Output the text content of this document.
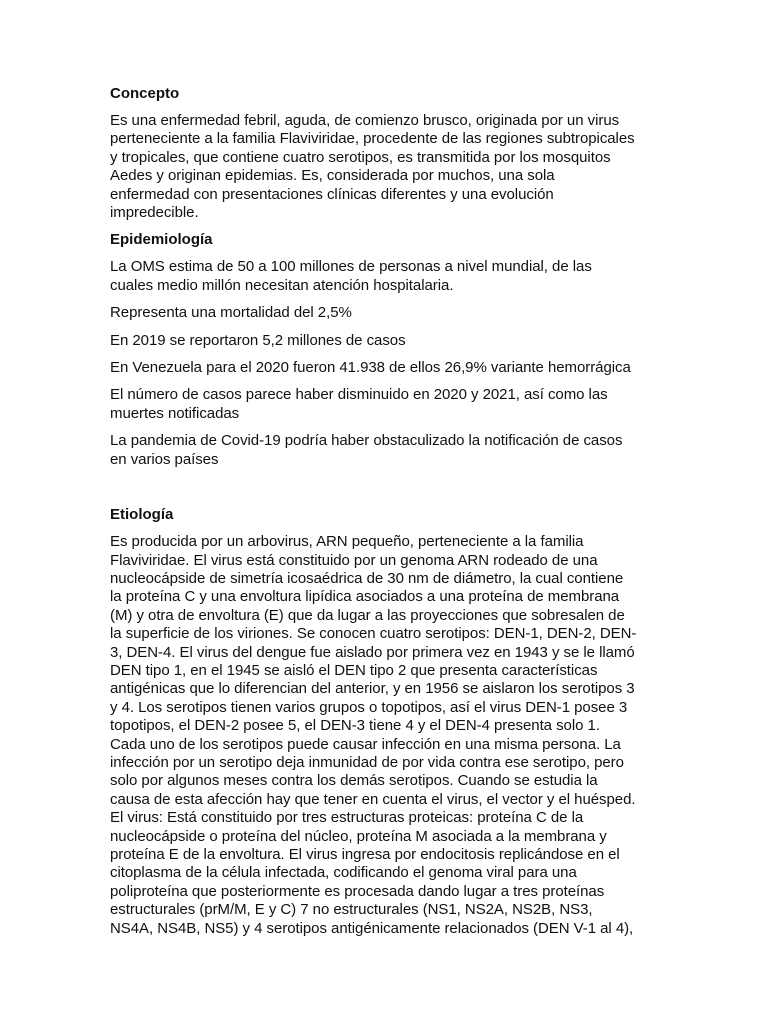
Concepto
Es una enfermedad febril, aguda, de comienzo brusco, originada por un virus
perteneciente a la familia Flaviviridae, procedente de las regiones subtropicales
y tropicales, que contiene cuatro serotipos, es transmitida por los mosquitos
Aedes y originan epidemias. Es, considerada por muchos, una sola
enfermedad con presentaciones clínicas diferentes y una evolución
impredecible.
Epidemiología
La OMS estima de 50 a 100 millones de personas a nivel mundial, de las
cuales medio millón necesitan atención hospitalaria.
Representa una mortalidad del 2,5%
En 2019 se reportaron 5,2 millones de casos
En Venezuela para el 2020 fueron 41.938 de ellos 26,9% variante hemorrágica
El número de casos parece haber disminuido en 2020 y 2021, así como las
muertes notificadas
La pandemia de Covid-19 podría haber obstaculizado la notificación de casos
en varios países
Etiología
Es producida por un arbovirus, ARN pequeño, perteneciente a la familia
Flaviviridae. El virus está constituido por un genoma ARN rodeado de una
nucleocápside de simetría icosaédrica de 30 nm de diámetro, la cual contiene
la proteína C y una envoltura lipídica asociados a una proteína de membrana
(M) y otra de envoltura (E) que da lugar a las proyecciones que sobresalen de
la superficie de los viriones. Se conocen cuatro serotipos: DEN-1, DEN-2, DEN-
3, DEN-4. El virus del dengue fue aislado por primera vez en 1943 y se le llamó
DEN tipo 1, en el 1945 se aisló el DEN tipo 2 que presenta características
antigénicas que lo diferencian del anterior, y en 1956 se aislaron los serotipos 3
y 4. Los serotipos tienen varios grupos o topotipos, así el virus DEN-1 posee 3
topotipos, el DEN-2 posee 5, el DEN-3 tiene 4 y el DEN-4 presenta solo 1.
Cada uno de los serotipos puede causar infección en una misma persona. La
infección por un serotipo deja inmunidad de por vida contra ese serotipo, pero
solo por algunos meses contra los demás serotipos. Cuando se estudia la
causa de esta afección hay que tener en cuenta el virus, el vector y el huésped.
El virus: Está constituido por tres estructuras proteicas: proteína C de la
nucleocápside o proteína del núcleo, proteína M asociada a la membrana y
proteína E de la envoltura. El virus ingresa por endocitosis replicándose en el
citoplasma de la célula infectada, codificando el genoma viral para una
poliproteína que posteriormente es procesada dando lugar a tres proteínas
estructurales (prM/M, E y C) 7 no estructurales (NS1, NS2A, NS2B, NS3,
NS4A, NS4B, NS5) y 4 serotipos antigénicamente relacionados (DEN V-1 al 4),
